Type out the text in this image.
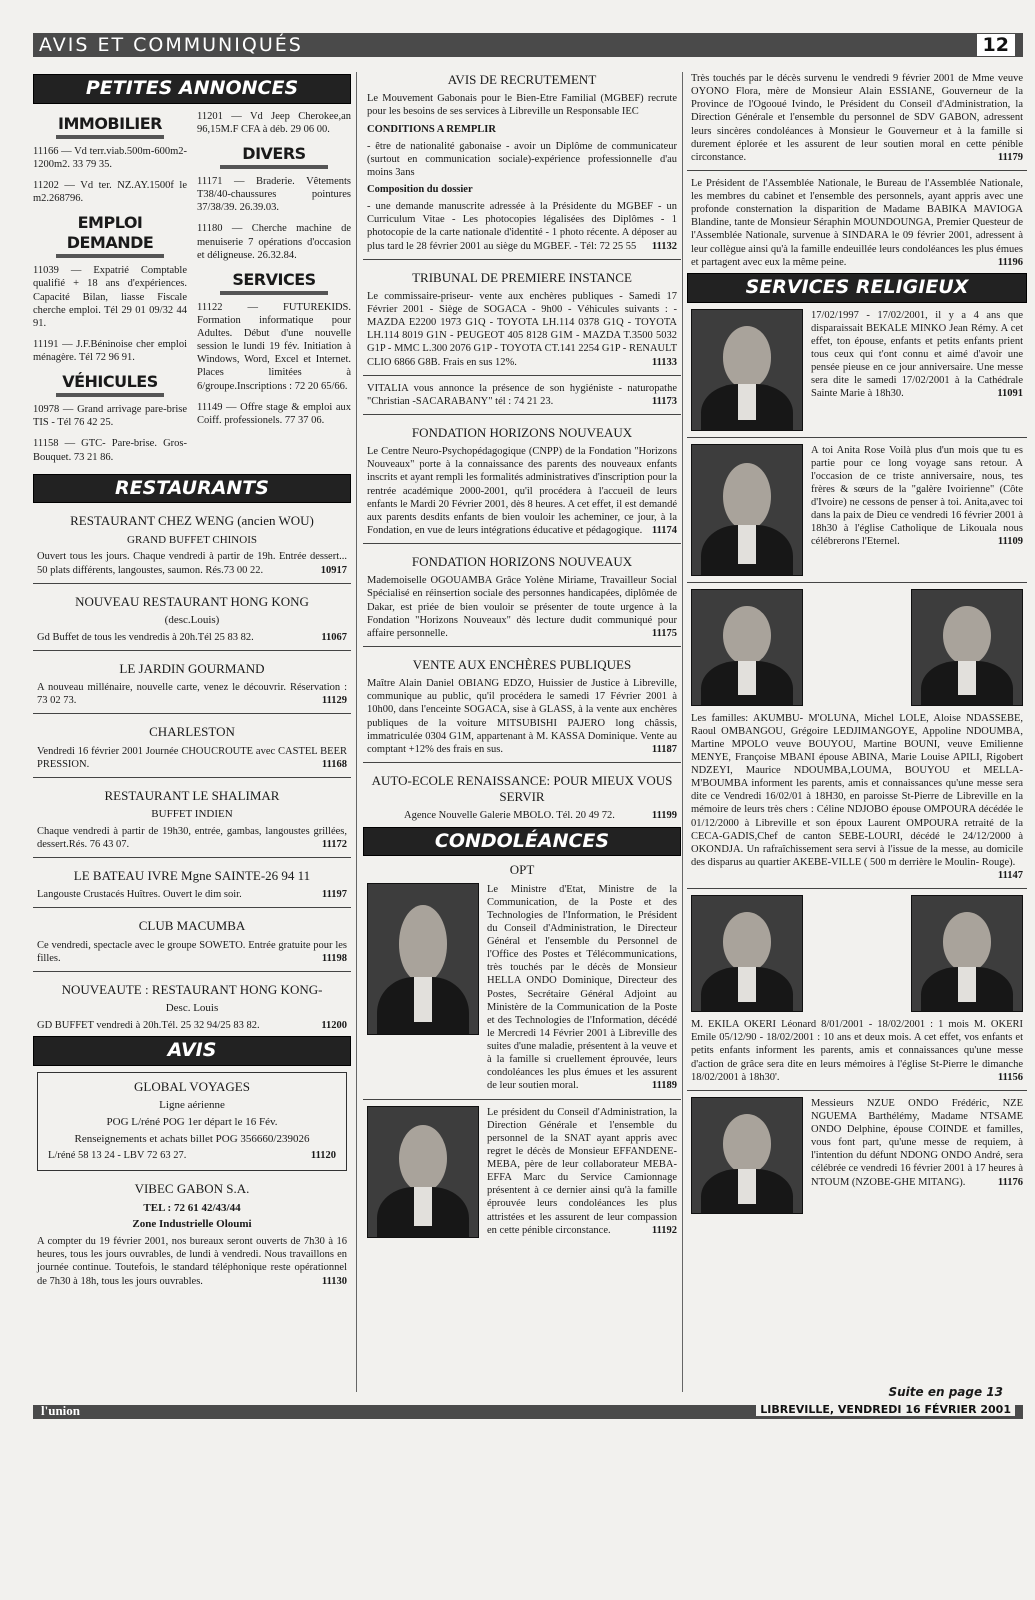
AVIS ET COMMUNIQUÉS	12
PETITES ANNONCES
IMMOBILIER

11166 — Vd terr.viab.500m-600m2-1200m2. 33 79 35.

11202 — Vd ter. NZ.AY.1500f le m2.268796.

EMPLOI DEMANDE

11039 — Expatrié Comptable qualifié + 18 ans d'expériences. Capacité Bilan, liasse Fiscale cherche emploi. Tél 29 01 09/32 44 91.

11191 — J.F.Béninoise cher emploi ménagère. Tél 72 96 91.

VÉHICULES

10978 — Grand arrivage pare-brise TIS - Tél 76 42 25.

11158 — GTC- Pare-brise. Gros-Bouquet. 73 21 86.

11201 — Vd Jeep Cherokee,an 96,15M.F CFA à déb. 29 06 00.

DIVERS

11171 — Braderie. Vêtements T38/40-chaussures pointures 37/38/39. 26.39.03.

11180 — Cherche machine de menuiserie 7 opérations d'occasion et déligneuse. 26.32.84.

SERVICES

11122 — FUTUREKIDS. Formation informatique pour Adultes. Début d'une nouvelle session le lundi 19 fév. Initiation à Windows, Word, Excel et Internet. Places limitées à 6/groupe.Inscriptions : 72 20 65/66.

11149 — Offre stage & emploi aux Coiff. professionels. 77 37 06.

RESTAURANTS
RESTAURANT CHEZ WENG (ancien WOU)
GRAND BUFFET CHINOIS
Ouvert tous les jours. Chaque vendredi à partir de 19h. Entrée dessert... 50 plats différents, langoustes, saumon. Rés.73 00 22.	10917
NOUVEAU RESTAURANT HONG KONG
(desc.Louis)
Gd Buffet de tous les vendredis à 20h.Tél 25 83 82.	11067
LE JARDIN GOURMAND
A nouveau millénaire, nouvelle carte, venez le découvrir. Réservation : 73 02 73.	11129
CHARLESTON
Vendredi 16 février 2001 Journée CHOUCROUTE avec CASTEL BEER PRESSION.	11168
RESTAURANT LE SHALIMAR
BUFFET INDIEN
Chaque vendredi à partir de 19h30, entrée, gambas, langoustes grillées, dessert.Rés. 76 43 07.	11172
LE BATEAU IVRE Mgne SAINTE-26 94 11
Langouste Crustacés Huîtres. Ouvert le dim soir.	11197
CLUB MACUMBA
Ce vendredi, spectacle avec le groupe SOWETO. Entrée gratuite pour les filles.	11198
NOUVEAUTE : RESTAURANT HONG KONG-
Desc. Louis
GD BUFFET vendredi à 20h.Tél. 25 32 94/25 83 82.	11200
AVIS
GLOBAL VOYAGES
Ligne aérienne
POG L/réné POG 1er départ le 16 Fév.
Renseignements et achats billet POG 356660/239026
L/réné 58 13 24 - LBV 72 63 27.	11120
VIBEC GABON S.A.
TEL : 72 61 42/43/44
Zone Industrielle Oloumi
A compter du 19 février 2001, nos bureaux seront ouverts de 7h30 à 16 heures, tous les jours ouvrables, de lundi à vendredi. Nous travaillons en journée continue. Toutefois, le standard téléphonique reste opérationnel de 7h30 à 18h, tous les jours ouvrables.	11130
AVIS DE RECRUTEMENT
Le Mouvement Gabonais pour le Bien-Etre Familial (MGBEF) recrute pour les besoins de ses services à Libreville un Responsable IEC
CONDITIONS A REMPLIR
- être de nationalité gabonaise - avoir un Diplôme de communicateur (surtout en communication sociale)-expérience professionnelle d'au moins 3ans
Composition du dossier
- une demande manuscrite adressée à la Présidente du MGBEF - un Curriculum Vitae - Les photocopies légalisées des Diplômes - 1 photocopie de la carte nationale d'identité - 1 photo récente. A déposer au plus tard le 28 février 2001 au siège du MGBEF. - Tél: 72 25 55 11132
TRIBUNAL DE PREMIERE INSTANCE
Le commissaire-priseur- vente aux enchères publiques - Samedi 17 Février 2001 - Siège de SOGACA - 9h00 - Véhicules suivants : - MAZDA E2200 1973 G1Q - TOYOTA LH.114 0378 G1Q - TOYOTA LH.114 8019 G1N - PEUGEOT 405 8128 G1M - MAZDA T.3500 5032 G1P - MMC L.300 2076 G1P - TOYOTA CT.141 2254 G1P - RENAULT CLIO 6866 G8B. Frais en sus 12%.	11133
VITALIA vous annonce la présence de son hygiéniste - naturopathe "Christian -SACARABANY" tél : 74 21 23.	11173
FONDATION HORIZONS NOUVEAUX
Le Centre Neuro-Psychopédagogique (CNPP) de la Fondation "Horizons Nouveaux" porte à la connaissance des parents des nouveaux enfants inscrits et ayant rempli les formalités administratives d'inscription pour la rentrée académique 2000-2001, qu'il procédera à l'accueil de leurs enfants le Mardi 20 Février 2001, dès 8 heures. A cet effet, il est demandé aux parents desdits enfants de bien vouloir les acheminer, ce jour, à la Fondation, en vue de leurs intégrations éducative et pédagogique. 11174
FONDATION HORIZONS NOUVEAUX
Mademoiselle OGOUAMBA Grâce Yolène Miriame, Travailleur Social Spécialisé en réinsertion sociale des personnes handicapées, diplômée de Dakar, est priée de bien vouloir se présenter de toute urgence à la Fondation "Horizons Nouveaux" dès lecture dudit communiqué pour affaire personnelle.	11175
VENTE AUX ENCHÈRES PUBLIQUES
Maître Alain Daniel OBIANG EDZO, Huissier de Justice à Libreville, communique au public, qu'il procédera le samedi 17 Février 2001 à 10h00, dans l'enceinte SOGACA, sise à GLASS, à la vente aux enchères publiques de la voiture MITSUBISHI PAJERO long châssis, immatriculée 0304 G1M, appartenant à M. KASSA Dominique. Vente au comptant +12% des frais en sus.	11187
AUTO-ECOLE RENAISSANCE: POUR MIEUX VOUS SERVIR
Agence Nouvelle Galerie MBOLO. Tél. 20 49 72.	11199
CONDOLÉANCES
OPT
Le Ministre d'Etat, Ministre de la Communication, de la Poste et des Technologies de l'Information, le Président du Conseil d'Administration, le Directeur Général et l'ensemble du Personnel de l'Office des Postes et Télécommunications, très touchés par le décès de Monsieur HELLA ONDO Dominique, Directeur des Postes, Secrétaire Général Adjoint au Ministère de la Communication de la Poste et des Technologies de l'Information, décédé le Mercredi 14 Février 2001 à Libreville des suites d'une maladie, présentent à la veuve et à la famille si cruellement éprouvée, leurs condoléances les plus émues et les assurent de leur soutien moral.	11189
Le président du Conseil d'Administration, la Direction Générale et l'ensemble du personnel de la SNAT ayant appris avec regret le décès de Monsieur EFFANDENE-MEBA, père de leur collaborateur MEBA-EFFA Marc du Service Camionnage présentent à ce dernier ainsi qu'à la famille éprouvée leurs condoléances les plus attristées et les assurent de leur compassion en cette pénible circonstance.	11192
Très touchés par le décès survenu le vendredi 9 février 2001 de Mme veuve OYONO Flora, mère de Monsieur Alain ESSIANE, Gouverneur de la Province de l'Ogooué Ivindo, le Président du Conseil d'Administration, la Direction Générale et l'ensemble du personnel de SDV GABON, adressent leurs sincères condoléances à Monsieur le Gouverneur et à la famille si durement éplorée et les assurent de leur soutien moral en cette pénible circonstance.	11179
Le Président de l'Assemblée Nationale, le Bureau de l'Assemblée Nationale, les membres du cabinet et l'ensemble des personnels, ayant appris avec une profonde consternation la disparition de Madame BABIKA MAVIOGA Blandine, tante de Monsieur Séraphin MOUNDOUNGA, Premier Questeur de l'Assemblée Nationale, survenue à SINDARA le 09 février 2001, adressent à leur collègue ainsi qu'à la famille endeuillée leurs condoléances les plus émues et partagent avec eux la même peine.	11196
SERVICES RELIGIEUX
17/02/1997 - 17/02/2001, il y a 4 ans que disparaissait BEKALE MINKO Jean Rémy. A cet effet, ton épouse, enfants et petits enfants prient tous ceux qui t'ont connu et aimé d'avoir une pensée pieuse en ce jour anniversaire. Une messe sera dite le samedi 17/02/2001 à la Cathédrale Sainte Marie à 18h30.	11091
A toi Anita Rose Voilà plus d'un mois que tu es partie pour ce long voyage sans retour. A l'occasion de ce triste anniversaire, nous, tes frères & sœurs de la "galère Ivoirienne" (Côte d'Ivoire) ne cessons de penser à toi. Anita,avec toi dans la paix de Dieu ce vendredi 16 février 2001 à 18h30 à l'église Catholique de Likouala nous célébrerons l'Eternel.	11109
Les familles: AKUMBU- M'OLUNA, Michel LOLE, Aloise NDASSEBE, Raoul OMBANGOU, Grégoire LEDJIMANGOYE, Appoline NDOUMBA, Martine MPOLO veuve BOUYOU, Martine BOUNI, veuve Emilienne MENYE, Françoise MBANI épouse ABINA, Marie Louise APILI, Rigobert NDZEYI, Maurice NDOUMBA,LOUMA, BOUYOU et MELLA-M'BOUMBA informent les parents, amis et connaissances qu'une messe sera dite ce Vendredi 16/02/01 à 18H30, en paroisse St-Pierre de Libreville en la mémoire de leurs très chers : Céline NDJOBO épouse OMPOURA décédée le 01/12/2000 à Libreville et son époux Laurent OMPOURA retraité de la CECA-GADIS,Chef de canton SEBE-LOURI, décédé le 24/12/2000 à OKONDJA. Un rafraîchissement sera servi à l'issue de la messe, au domicile des disparus au quartier AKEBE-VILLE ( 500 m derrière le Moulin- Rouge).
11147
M. EKILA OKERI Léonard 8/01/2001 - 18/02/2001 : 1 mois M. OKERI Emile 05/12/90 - 18/02/2001 : 10 ans et deux mois. A cet effet, vos enfants et petits enfants informent les parents, amis et connaissances qu'une messe d'action de grâce sera dite en leurs mémoires à l'église St-Pierre le dimanche 18/02/2001 à 18h30'.	11156
Messieurs NZUE ONDO Frédéric, NZE NGUEMA Barthélémy, Madame NTSAME ONDO Delphine, épouse COINDE et familles, vous font part, qu'une messe de requiem, à l'intention du défunt NDONG ONDO André, sera célébrée ce vendredi 16 février 2001 à 17 heures à NTOUM (NZOBE-GHE MITANG).	11176
Suite en page 13
l'union	LIBREVILLE, VENDREDI 16 FÉVRIER 2001
